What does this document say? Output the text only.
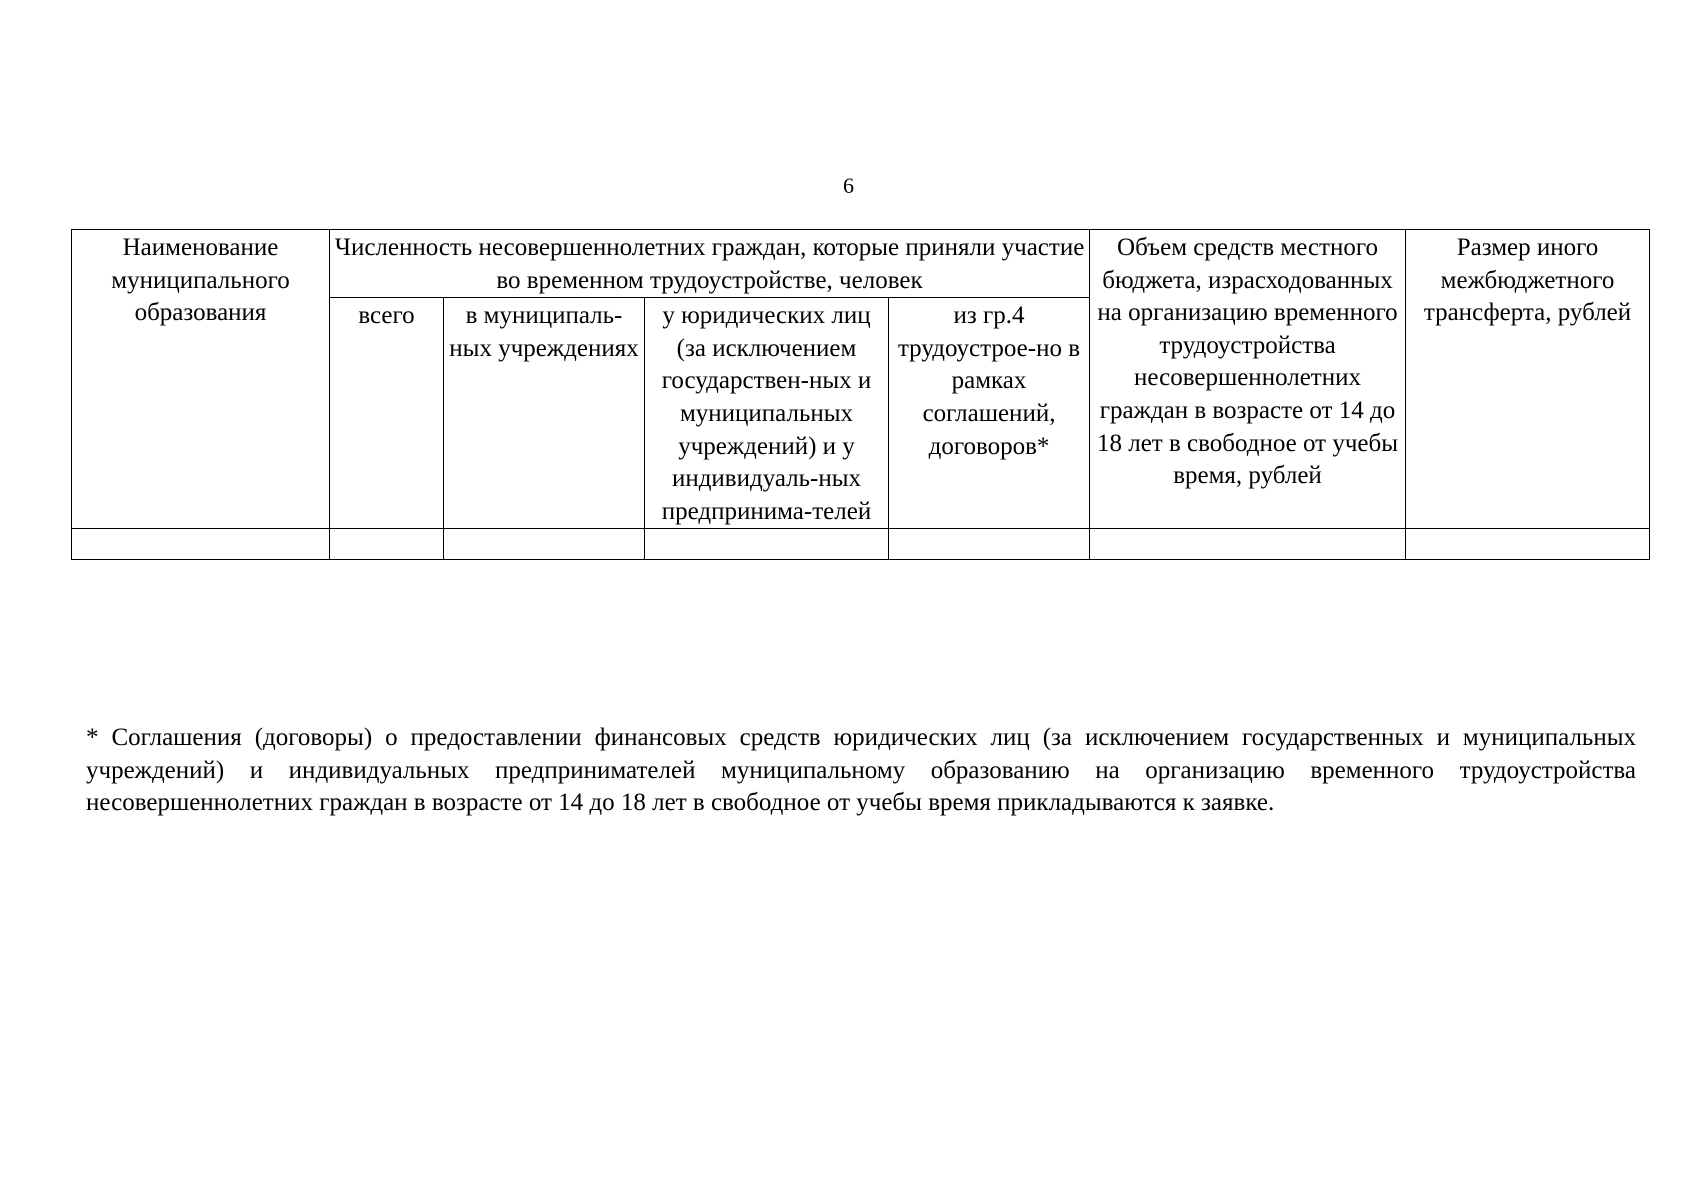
6
Наименование муниципального образования	Численность несовершеннолетних граждан, которые приняли участие во временном трудоустройстве, человек				Объем средств местного бюджета, израсходованных на организацию временного трудоустройства несовершеннолетних граждан в возрасте от 14 до 18 лет в свободное от учебы время, рублей	Размер иного межбюджетного трансферта, рублей
	всего	в муниципаль-ных учреждениях	у юридических лиц (за исключением государствен-ных и муниципальных учреждений) и у индивидуаль-ных предпринима-телей	из гр.4 трудоустрое-но в рамках соглашений, договоров*		

* Соглашения (договоры) о предоставлении финансовых средств юридических лиц (за исключением государственных и муниципальных учреждений) и индивидуальных предпринимателей муниципальному образованию на организацию временного трудоустройства несовершеннолетних граждан в возрасте от 14 до 18 лет в свободное от учебы время прикладываются к заявке.
